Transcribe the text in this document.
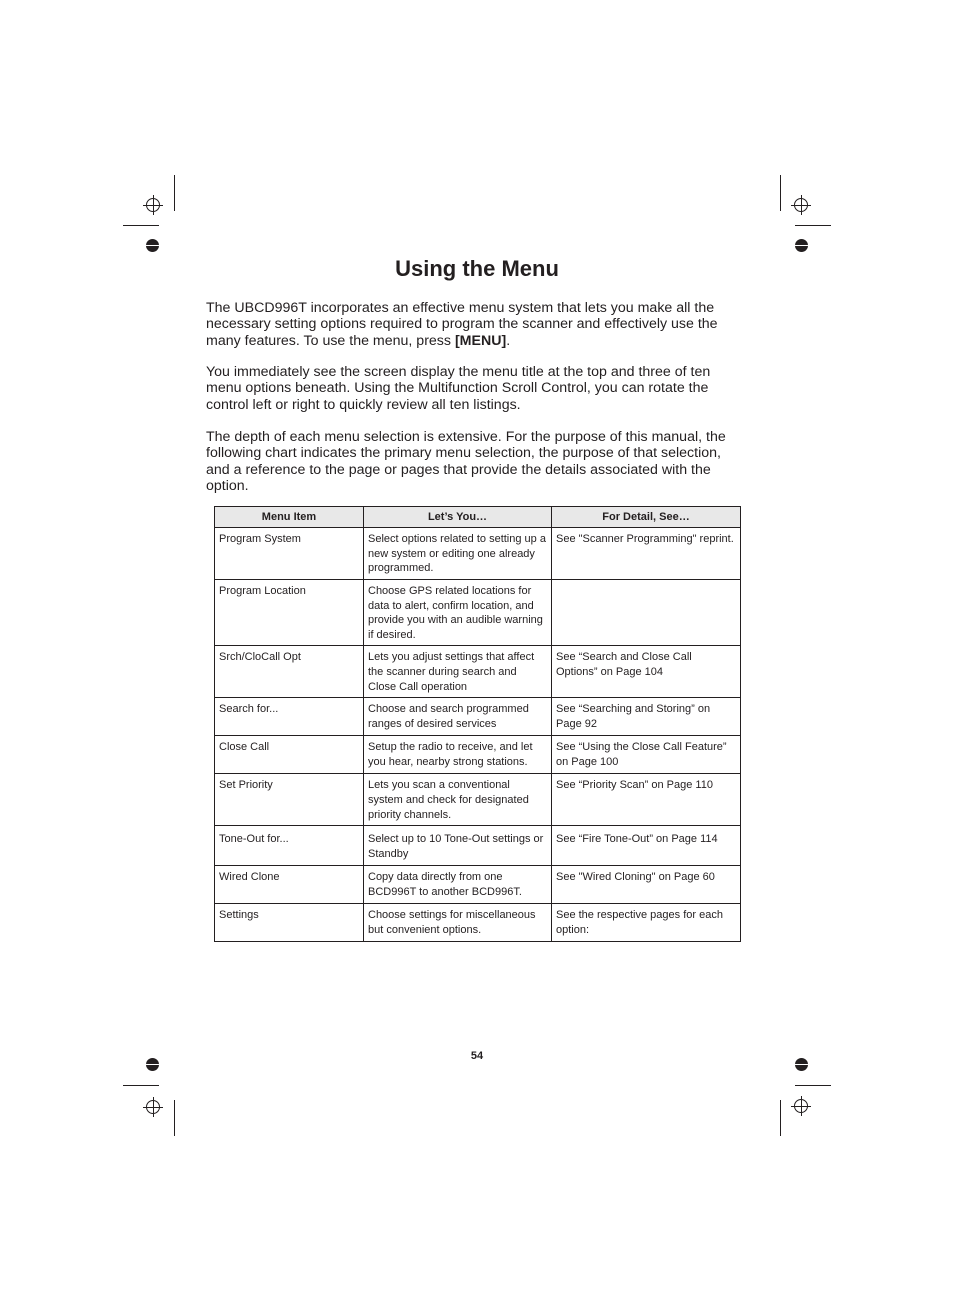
Using the Menu

The UBCD996T incorporates an effective menu system that lets you make all the necessary setting options required to program the scanner and effectively use the many features. To use the menu, press [MENU].

You immediately see the screen display the menu title at the top and three of ten menu options beneath. Using the Multifunction Scroll Control, you can rotate the control left or right to quickly review all ten listings.

The depth of each menu selection is extensive. For the purpose of this manual, the following chart indicates the primary menu selection, the purpose of that selection, and a reference to the page or pages that provide the details associated with the option.

Menu Item	Let’s You…	For Detail, See…
Program System	Select options related to setting up a new system or editing one already programmed.	See "Scanner Programming" reprint.
Program Location	Choose GPS related locations for data to alert, confirm location, and provide you with an audible warning if desired.	
Srch/CloCall Opt	Lets you adjust settings that affect the scanner during search and Close Call operation	See “Search and Close Call Options” on Page 104
Search for...	Choose and search programmed ranges of desired services	See “Searching and Storing” on Page 92
Close Call	Setup the radio to receive, and let you hear, nearby strong stations.	See “Using the Close Call Feature” on Page 100
Set Priority	Lets you scan a conventional system and check for designated priority channels.	See “Priority Scan” on Page 110
Tone-Out for...	Select up to 10 Tone-Out settings or Standby	See “Fire Tone-Out” on Page 114
Wired Clone	Copy data directly from one BCD996T to another BCD996T.	See "Wired Cloning" on Page 60
Settings	Choose settings for miscellaneous but convenient options.	See the respective pages for each option:
54
